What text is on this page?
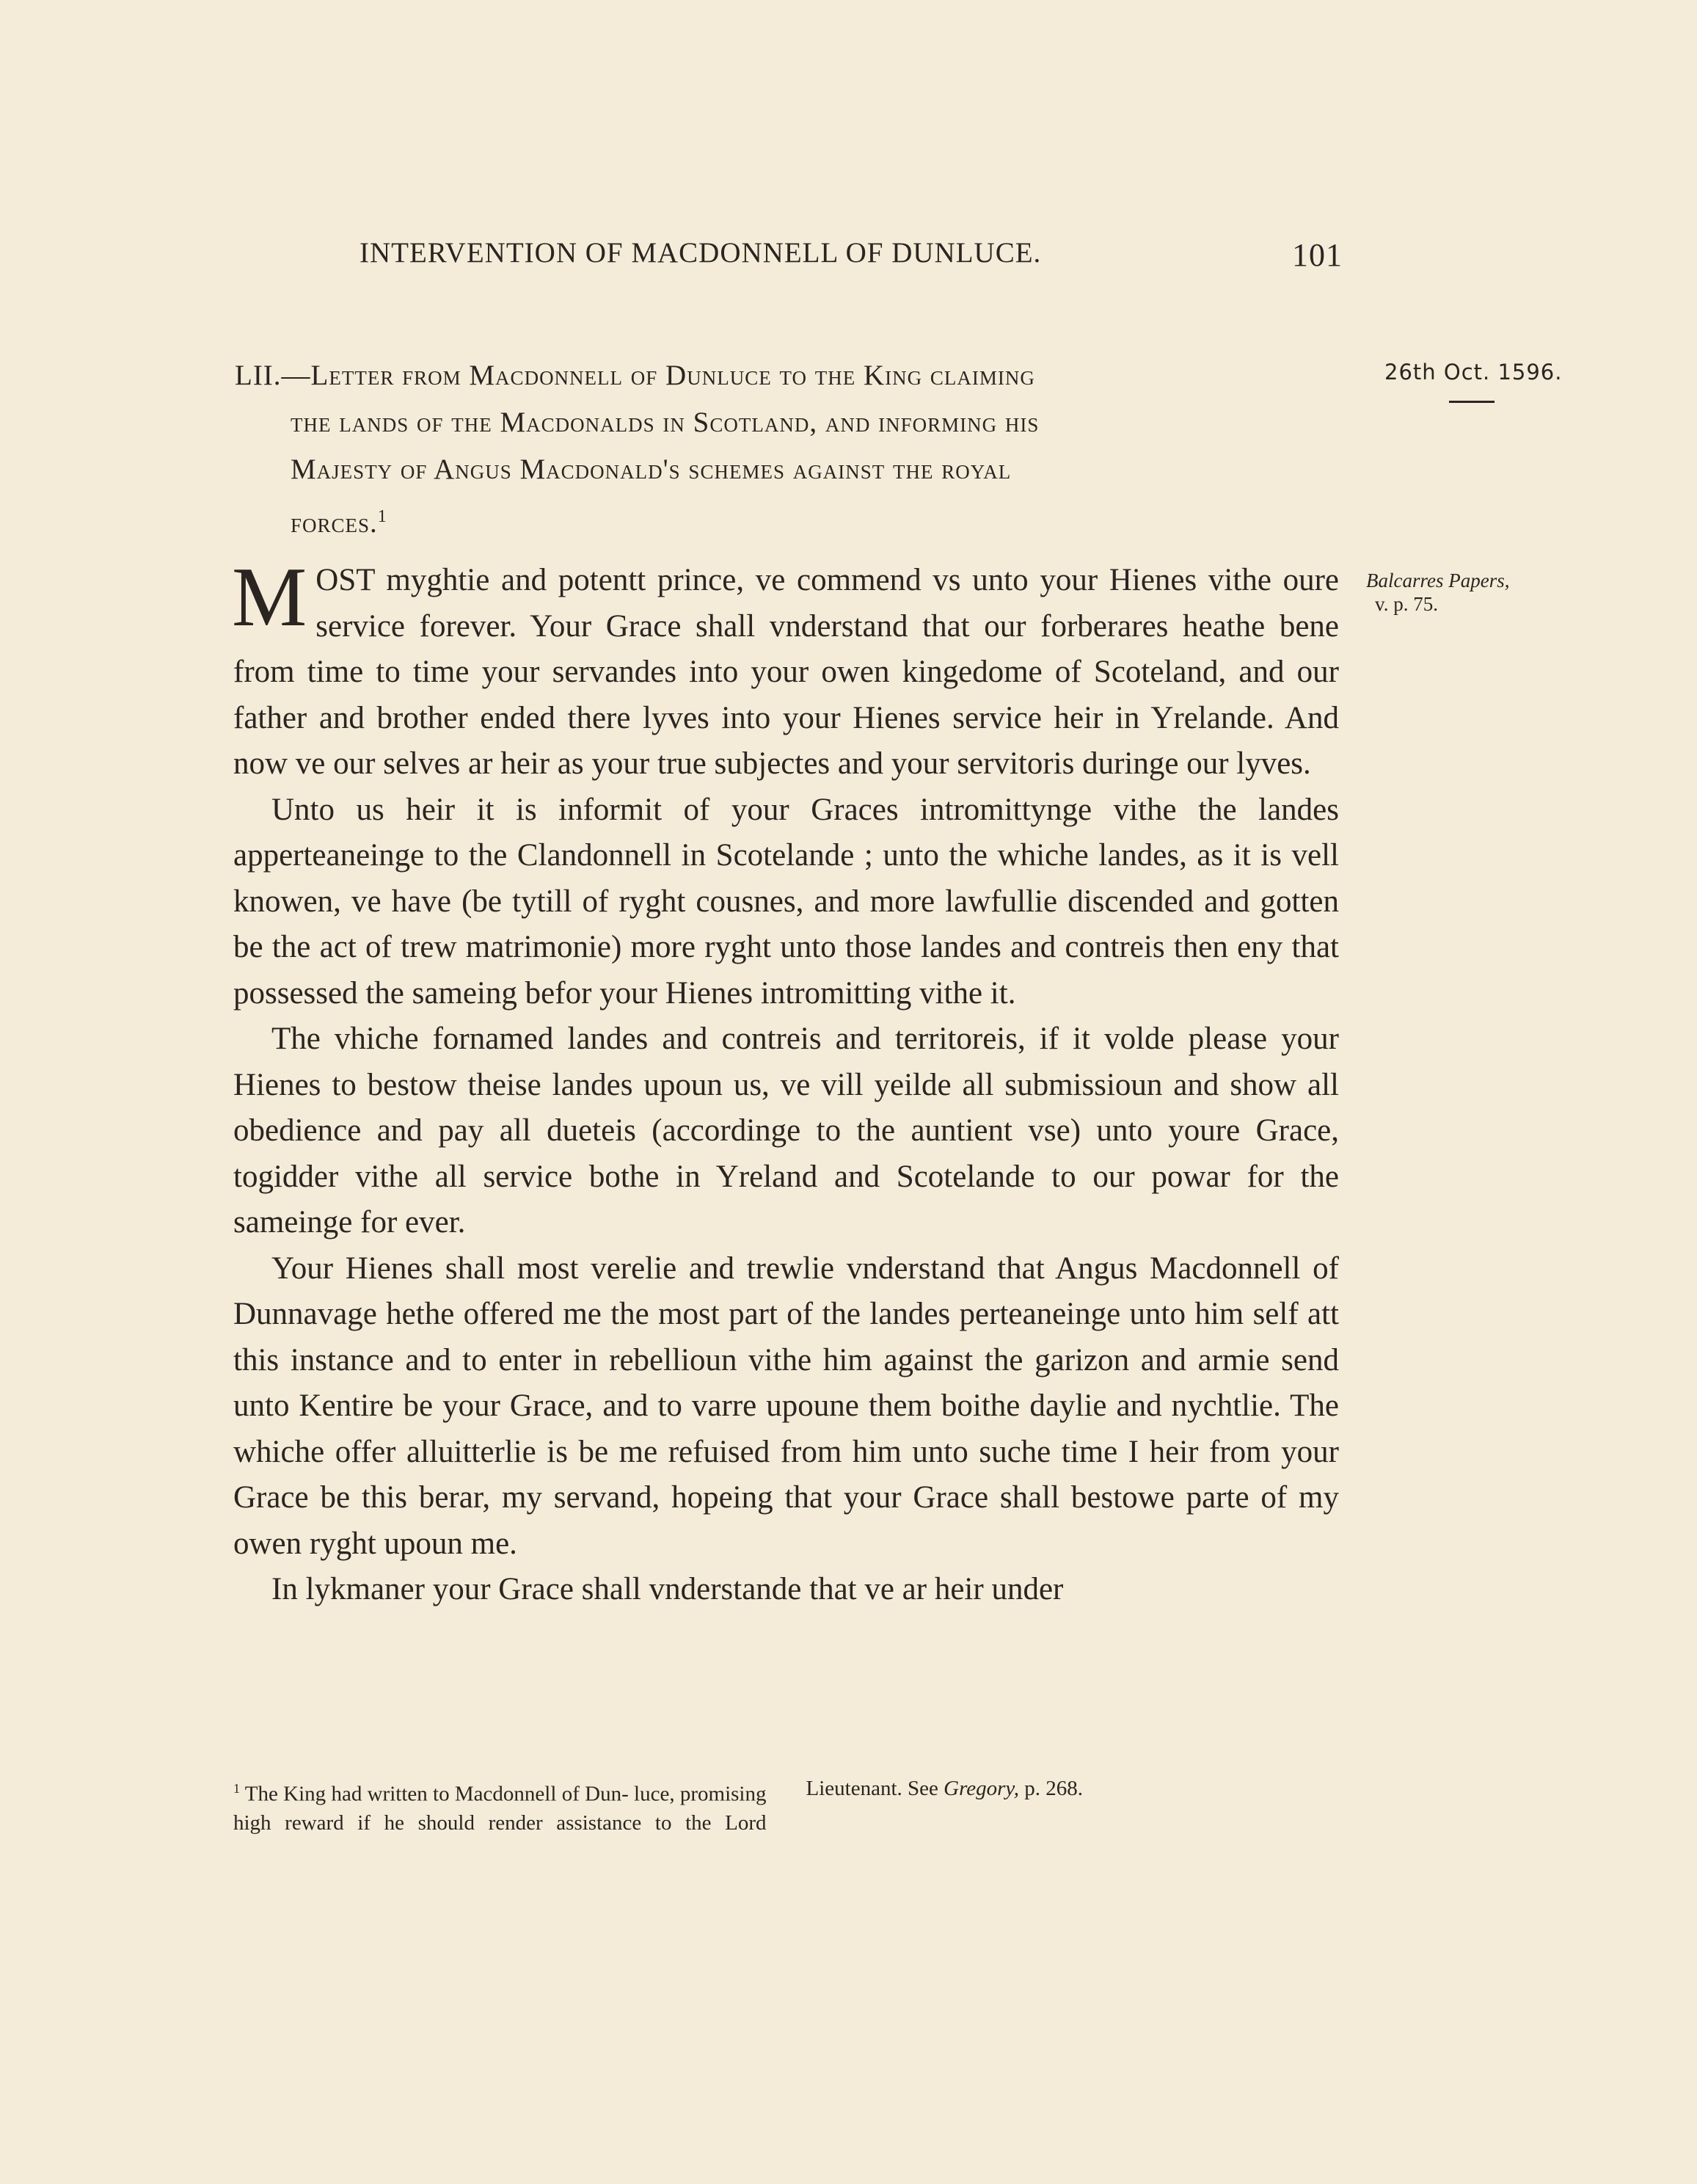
INTERVENTION OF MACDONNELL OF DUNLUCE.	101
LII.—Letter from Macdonnell of Dunluce to the King claiming
the lands of the Macdonalds in Scotland, and informing his
Majesty of Angus Macdonald's schemes against the royal
forces.$^1$
26th Oct. 1596.
Balcarres Papers,
v. p. 75.

MOST myghtie and potentt prince, ve commend vs unto your Hienes vithe oure service forever. Your Grace shall vnderstand that our forberares heathe bene from time to time your servandes into your owen kingedome of Scoteland, and our father and brother ended there lyves into your Hienes service heir in Yrelande. And now ve our selves ar heir as your true subjectes and your servitoris duringe our lyves.

Unto us heir it is informit of your Graces intromittynge vithe the landes apperteaneinge to the Clandonnell in Scotelande ; unto the whiche landes, as it is vell knowen, ve have (be tytill of ryght cousnes, and more lawfullie discended and gotten be the act of trew matrimonie) more ryght unto those landes and contreis then eny that possessed the sameing befor your Hienes intromitting vithe it.

The vhiche fornamed landes and contreis and territoreis, if it volde please your Hienes to bestow theise landes upoun us, ve vill yeilde all submissioun and show all obedience and pay all dueteis (accordinge to the auntient vse) unto youre Grace, togidder vithe all service bothe in Yreland and Scotelande to our powar for the sameinge for ever.

Your Hienes shall most verelie and trewlie vnderstand that Angus Macdonnell of Dunnavage hethe offered me the most part of the landes perteaneinge unto him self att this instance and to enter in rebellioun vithe him against the garizon and armie send unto Kentire be your Grace, and to varre upoune them boithe daylie and nychtlie. The whiche offer alluitterlie is be me refuised from him unto suche time I heir from your Grace be this berar, my servand, hopeing that your Grace shall bestowe parte of my owen ryght upoun me.

In lykmaner your Grace shall vnderstande that ve ar heir under

$^1$ The King had written to Macdonnell of Dun- luce, promising high reward if he should render assistance to the Lord Lieutenant. See Gregory, p. 268.
